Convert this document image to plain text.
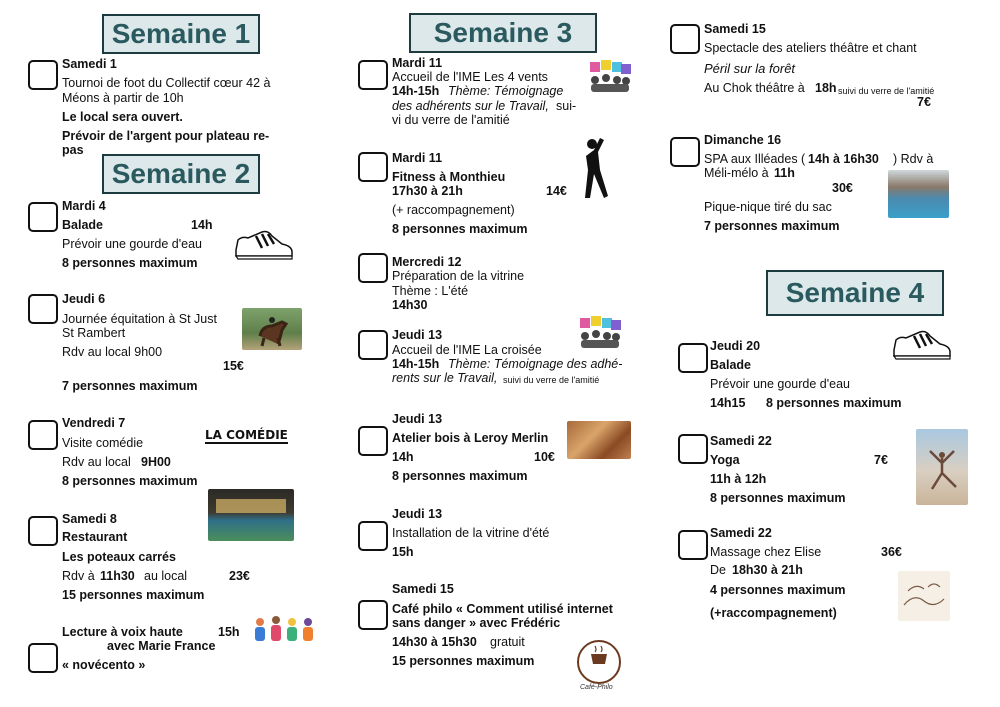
Semaine 1
Samedi 1
Tournoi de foot du Collectif cœur 42 à
Méons à partir de 10h
Le local sera ouvert.
Prévoir de l'argent pour plateau re-
pas
Semaine 2
Mardi 4
Balade	14h
Prévoir une gourde d'eau
8 personnes maximum
Jeudi 6
Journée équitation à St Just
St Rambert
Rdv au local 9h00
15€
7 personnes maximum
Vendredi 7
Visite comédie
Rdv au local 9H00
8 personnes maximum
LA COMÉDIE
Samedi 8
Restaurant
Les poteaux carrés
Rdv à 11h30 au local	23€
15 personnes maximum
Lecture à voix haute	15h
avec Marie France
« novécento »
Semaine 3
Mardi 11
Accueil de l'IME Les 4 vents
14h-15h Thème: Témoignage
des adhérents sur le Travail, sui-
vi du verre de l'amitié
Mardi 11
Fitness à Monthieu
17h30 à 21h	14€
(+ raccompagnement)
8 personnes maximum
Mercredi 12
Préparation de la vitrine
Thème : L'été
14h30
Jeudi 13
Accueil de l'IME La croisée
14h-15h Thème: Témoignage des adhé-
rents sur le Travail, suivi du verre de l'amitié
Jeudi 13
Atelier bois à Leroy Merlin
14h	10€
8 personnes maximum
Jeudi 13
Installation de la vitrine d'été
15h
Samedi 15
Café philo « Comment utilisé internet
sans danger » avec Frédéric
14h30 à 15h30 gratuit
15 personnes maximum
Café-Philo
Samedi 15
Spectacle des ateliers théâtre et chant
Péril sur la forêt
Au Chok théâtre à 18h suivi du verre de l'amitié
7€
Dimanche 16
SPA aux Illéades ( 14h à 16h30 ) Rdv à
Méli-mélo à 11h
30€
Pique-nique tiré du sac
7 personnes maximum
Semaine 4
Jeudi 20
Balade
Prévoir une gourde d'eau
14h15 8 personnes maximum
Samedi 22
Yoga	7€
11h à 12h
8 personnes maximum
Samedi 22
Massage chez Elise	36€
De 18h30 à 21h
4 personnes maximum
(+raccompagnement)
